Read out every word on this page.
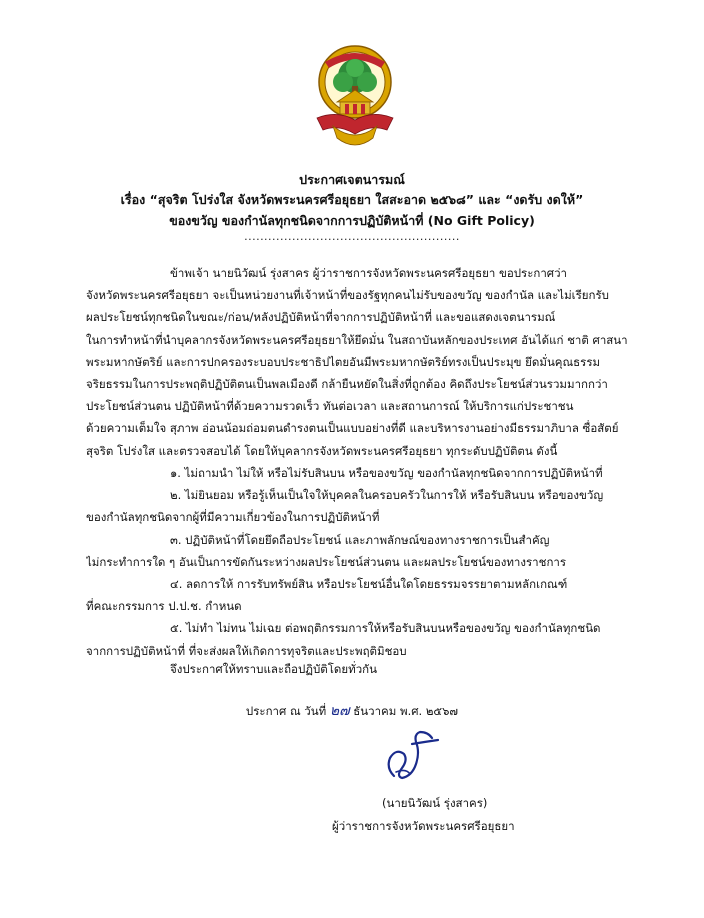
ประกาศเจตนารมณ์
เรื่อง “สุจริต โปร่งใส จังหวัดพระนครศรีอยุธยา ใสสะอาด ๒๕๖๘” และ “งดรับ งดให้”
ของขวัญ ของกำนัลทุกชนิดจากการปฏิบัติหน้าที่ (No Gift Policy)
......................................................
ข้าพเจ้า นายนิวัฒน์ รุ่งสาคร ผู้ว่าราชการจังหวัดพระนครศรีอยุธยา ขอประกาศว่า
จังหวัดพระนครศรีอยุธยา จะเป็นหน่วยงานที่เจ้าหน้าที่ของรัฐทุกคนไม่รับของขวัญ ของกำนัล และไม่เรียกรับ
ผลประโยชน์ทุกชนิดในขณะ/ก่อน/หลังปฏิบัติหน้าที่จากการปฏิบัติหน้าที่ และขอแสดงเจตนารมณ์
ในการทำหน้าที่นำบุคลากรจังหวัดพระนครศรีอยุธยาให้ยึดมั่น ในสถาบันหลักของประเทศ อันได้แก่ ชาติ ศาสนา
พระมหากษัตริย์ และการปกครองระบอบประชาธิปไตยอันมีพระมหากษัตริย์ทรงเป็นประมุข ยึดมั่นคุณธรรม
จริยธรรมในการประพฤติปฏิบัติตนเป็นพลเมืองดี กล้ายืนหยัดในสิ่งที่ถูกต้อง คิดถึงประโยชน์ส่วนรวมมากกว่า
ประโยชน์ส่วนตน ปฏิบัติหน้าที่ด้วยความรวดเร็ว ทันต่อเวลา และสถานการณ์ ให้บริการแก่ประชาชน
ด้วยความเต็มใจ สุภาพ อ่อนน้อมถ่อมตนดำรงตนเป็นแบบอย่างที่ดี และบริหารงานอย่างมีธรรมาภิบาล ซื่อสัตย์
สุจริต โปร่งใส และตรวจสอบได้ โดยให้บุคลากรจังหวัดพระนครศรีอยุธยา ทุกระดับปฏิบัติตน ดังนี้
๑. ไม่ถามนำ ไม่ให้ หรือไม่รับสินบน หรือของขวัญ ของกำนัลทุกชนิดจากการปฏิบัติหน้าที่
๒. ไม่ยินยอม หรือรู้เห็นเป็นใจให้บุคคลในครอบครัวในการให้ หรือรับสินบน หรือของขวัญ
ของกำนัลทุกชนิดจากผู้ที่มีความเกี่ยวข้องในการปฏิบัติหน้าที่
๓. ปฏิบัติหน้าที่โดยยึดถือประโยชน์ และภาพลักษณ์ของทางราชการเป็นสำคัญ
ไม่กระทำการใด ๆ อันเป็นการขัดกันระหว่างผลประโยชน์ส่วนตน และผลประโยชน์ของทางราชการ
๔. ลดการให้ การรับทรัพย์สิน หรือประโยชน์อื่นใดโดยธรรมจรรยาตามหลักเกณฑ์
ที่คณะกรรมการ ป.ป.ช. กำหนด
๕. ไม่ทำ ไม่ทน ไม่เฉย ต่อพฤติกรรมการให้หรือรับสินบนหรือของขวัญ ของกำนัลทุกชนิด
จากการปฏิบัติหน้าที่ ที่จะส่งผลให้เกิดการทุจริตและประพฤติมิชอบ
จึงประกาศให้ทราบและถือปฏิบัติโดยทั่วกัน
ประกาศ ณ วันที่ ๒๗ ธันวาคม พ.ศ. ๒๕๖๗
(นายนิวัฒน์ รุ่งสาคร)
ผู้ว่าราชการจังหวัดพระนครศรีอยุธยา
